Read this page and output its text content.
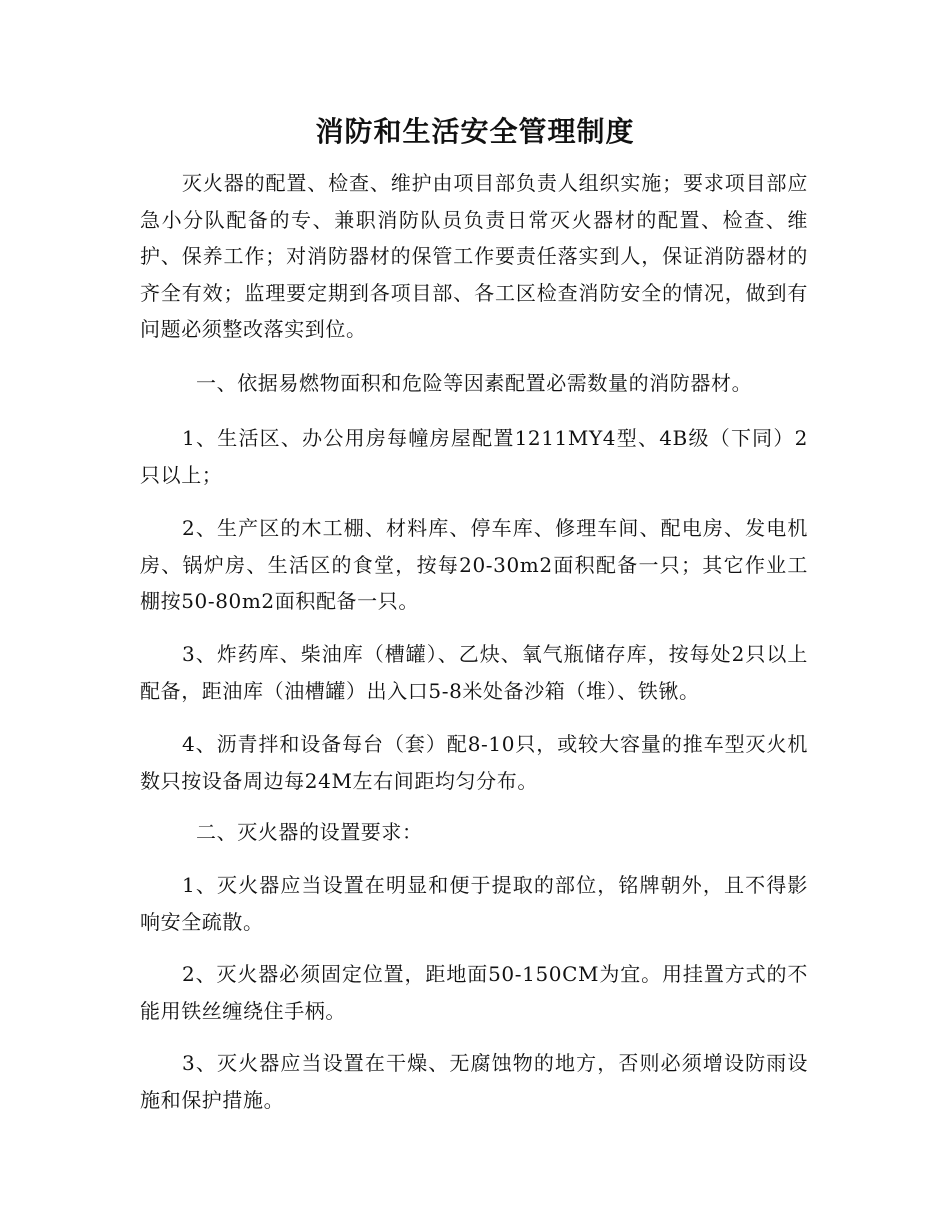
消防和生活安全管理制度

灭火器的配置、检查、维护由项目部负责人组织实施；要求项目部应急小分队配备的专、兼职消防队员负责日常灭火器材的配置、检查、维护、保养工作；对消防器材的保管工作要责任落实到人，保证消防器材的齐全有效；监理要定期到各项目部、各工区检查消防安全的情况，做到有问题必须整改落实到位。

一、依据易燃物面积和危险等因素配置必需数量的消防器材。

1、生活区、办公用房每幢房屋配置1211MY4型、4B级（下同）2只以上；

2、生产区的木工棚、材料库、停车库、修理车间、配电房、发电机房、锅炉房、生活区的食堂，按每20-30m2面积配备一只；其它作业工棚按50-80m2面积配备一只。

3、炸药库、柴油库（槽罐）、乙炔、氧气瓶储存库，按每处2只以上配备，距油库（油槽罐）出入口5-8米处备沙箱（堆）、铁锹。

4、沥青拌和设备每台（套）配8-10只，或较大容量的推车型灭火机数只按设备周边每24M左右间距均匀分布。

二、灭火器的设置要求：

1、灭火器应当设置在明显和便于提取的部位，铭牌朝外，且不得影响安全疏散。

2、灭火器必须固定位置，距地面50-150CM为宜。用挂置方式的不能用铁丝缠绕住手柄。

3、灭火器应当设置在干燥、无腐蚀物的地方，否则必须增设防雨设施和保护措施。
